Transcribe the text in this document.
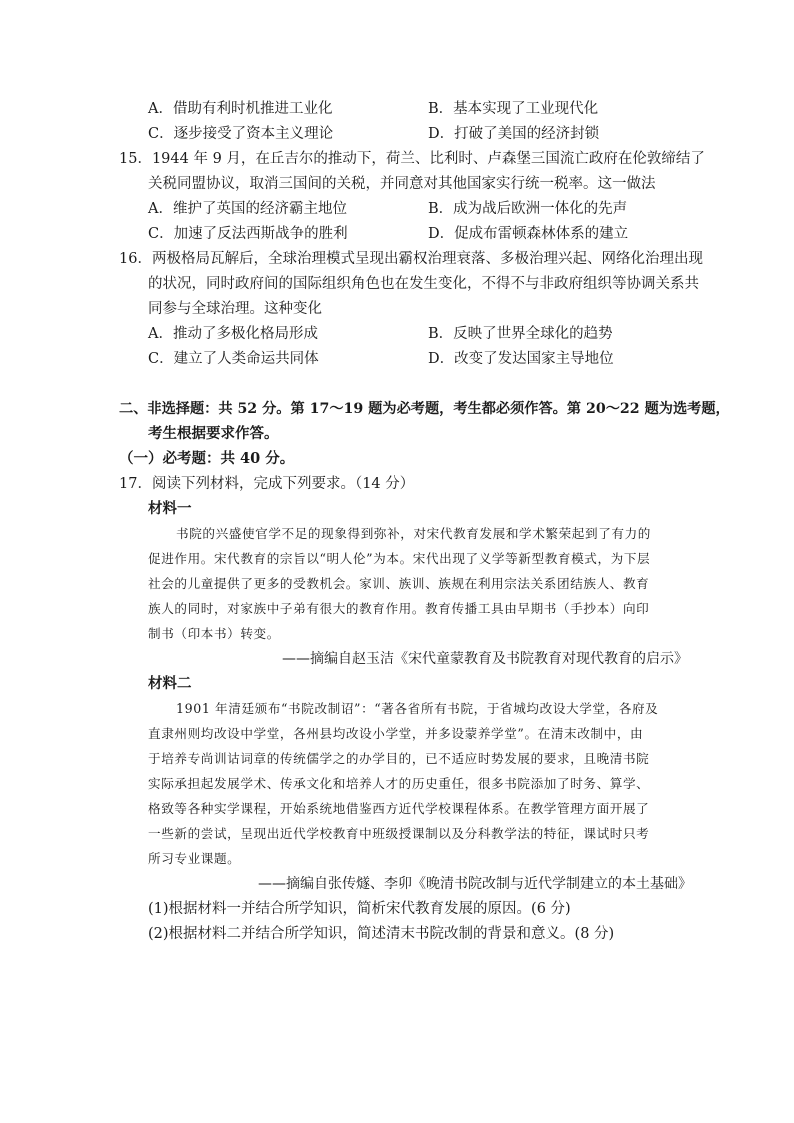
A．借助有利时机推进工业化	B．基本实现了工业现代化
C．逐步接受了资本主义理论	D．打破了美国的经济封锁
15．1944 年 9 月，在丘吉尔的推动下，荷兰、比利时、卢森堡三国流亡政府在伦敦缔结了
关税同盟协议，取消三国间的关税，并同意对其他国家实行统一税率。这一做法
A．维护了英国的经济霸主地位	B．成为战后欧洲一体化的先声
C．加速了反法西斯战争的胜利	D．促成布雷顿森林体系的建立
16．两极格局瓦解后，全球治理模式呈现出霸权治理衰落、多极治理兴起、网络化治理出现
的状况，同时政府间的国际组织角色也在发生变化，不得不与非政府组织等协调关系共
同参与全球治理。这种变化
A．推动了多极化格局形成	B．反映了世界全球化的趋势
C．建立了人类命运共同体	D．改变了发达国家主导地位
二、非选择题：共 52 分。第 17～19 题为必考题，考生都必须作答。第 20～22 题为选考题，
考生根据要求作答。
（一）必考题：共 40 分。
17．阅读下列材料，完成下列要求。（14 分）
材料一
书院的兴盛使官学不足的现象得到弥补，对宋代教育发展和学术繁荣起到了有力的
促进作用。宋代教育的宗旨以“明人伦”为本。宋代出现了义学等新型教育模式，为下层
社会的儿童提供了更多的受教机会。家训、族训、族规在利用宗法关系团结族人、教育
族人的同时，对家族中子弟有很大的教育作用。教育传播工具由早期书（手抄本）向印
制书（印本书）转变。
——摘编自赵玉洁《宋代童蒙教育及书院教育对现代教育的启示》
材料二
1901 年清廷颁布“书院改制诏”：“著各省所有书院，于省城均改设大学堂，各府及
直隶州则均改设中学堂，各州县均改设小学堂，并多设蒙养学堂”。在清末改制中，由
于培养专尚训诂词章的传统儒学之的办学目的，已不适应时势发展的要求，且晚清书院
实际承担起发展学术、传承文化和培养人才的历史重任，很多书院添加了时务、算学、
格致等各种实学课程，开始系统地借鉴西方近代学校课程体系。在教学管理方面开展了
一些新的尝试，呈现出近代学校教育中班级授课制以及分科教学法的特征，课试时只考
所习专业课题。
——摘编自张传燧、李卯《晚清书院改制与近代学制建立的本土基础》
(1)根据材料一并结合所学知识，简析宋代教育发展的原因。(6 分)
(2)根据材料二并结合所学知识，简述清末书院改制的背景和意义。(8 分)
